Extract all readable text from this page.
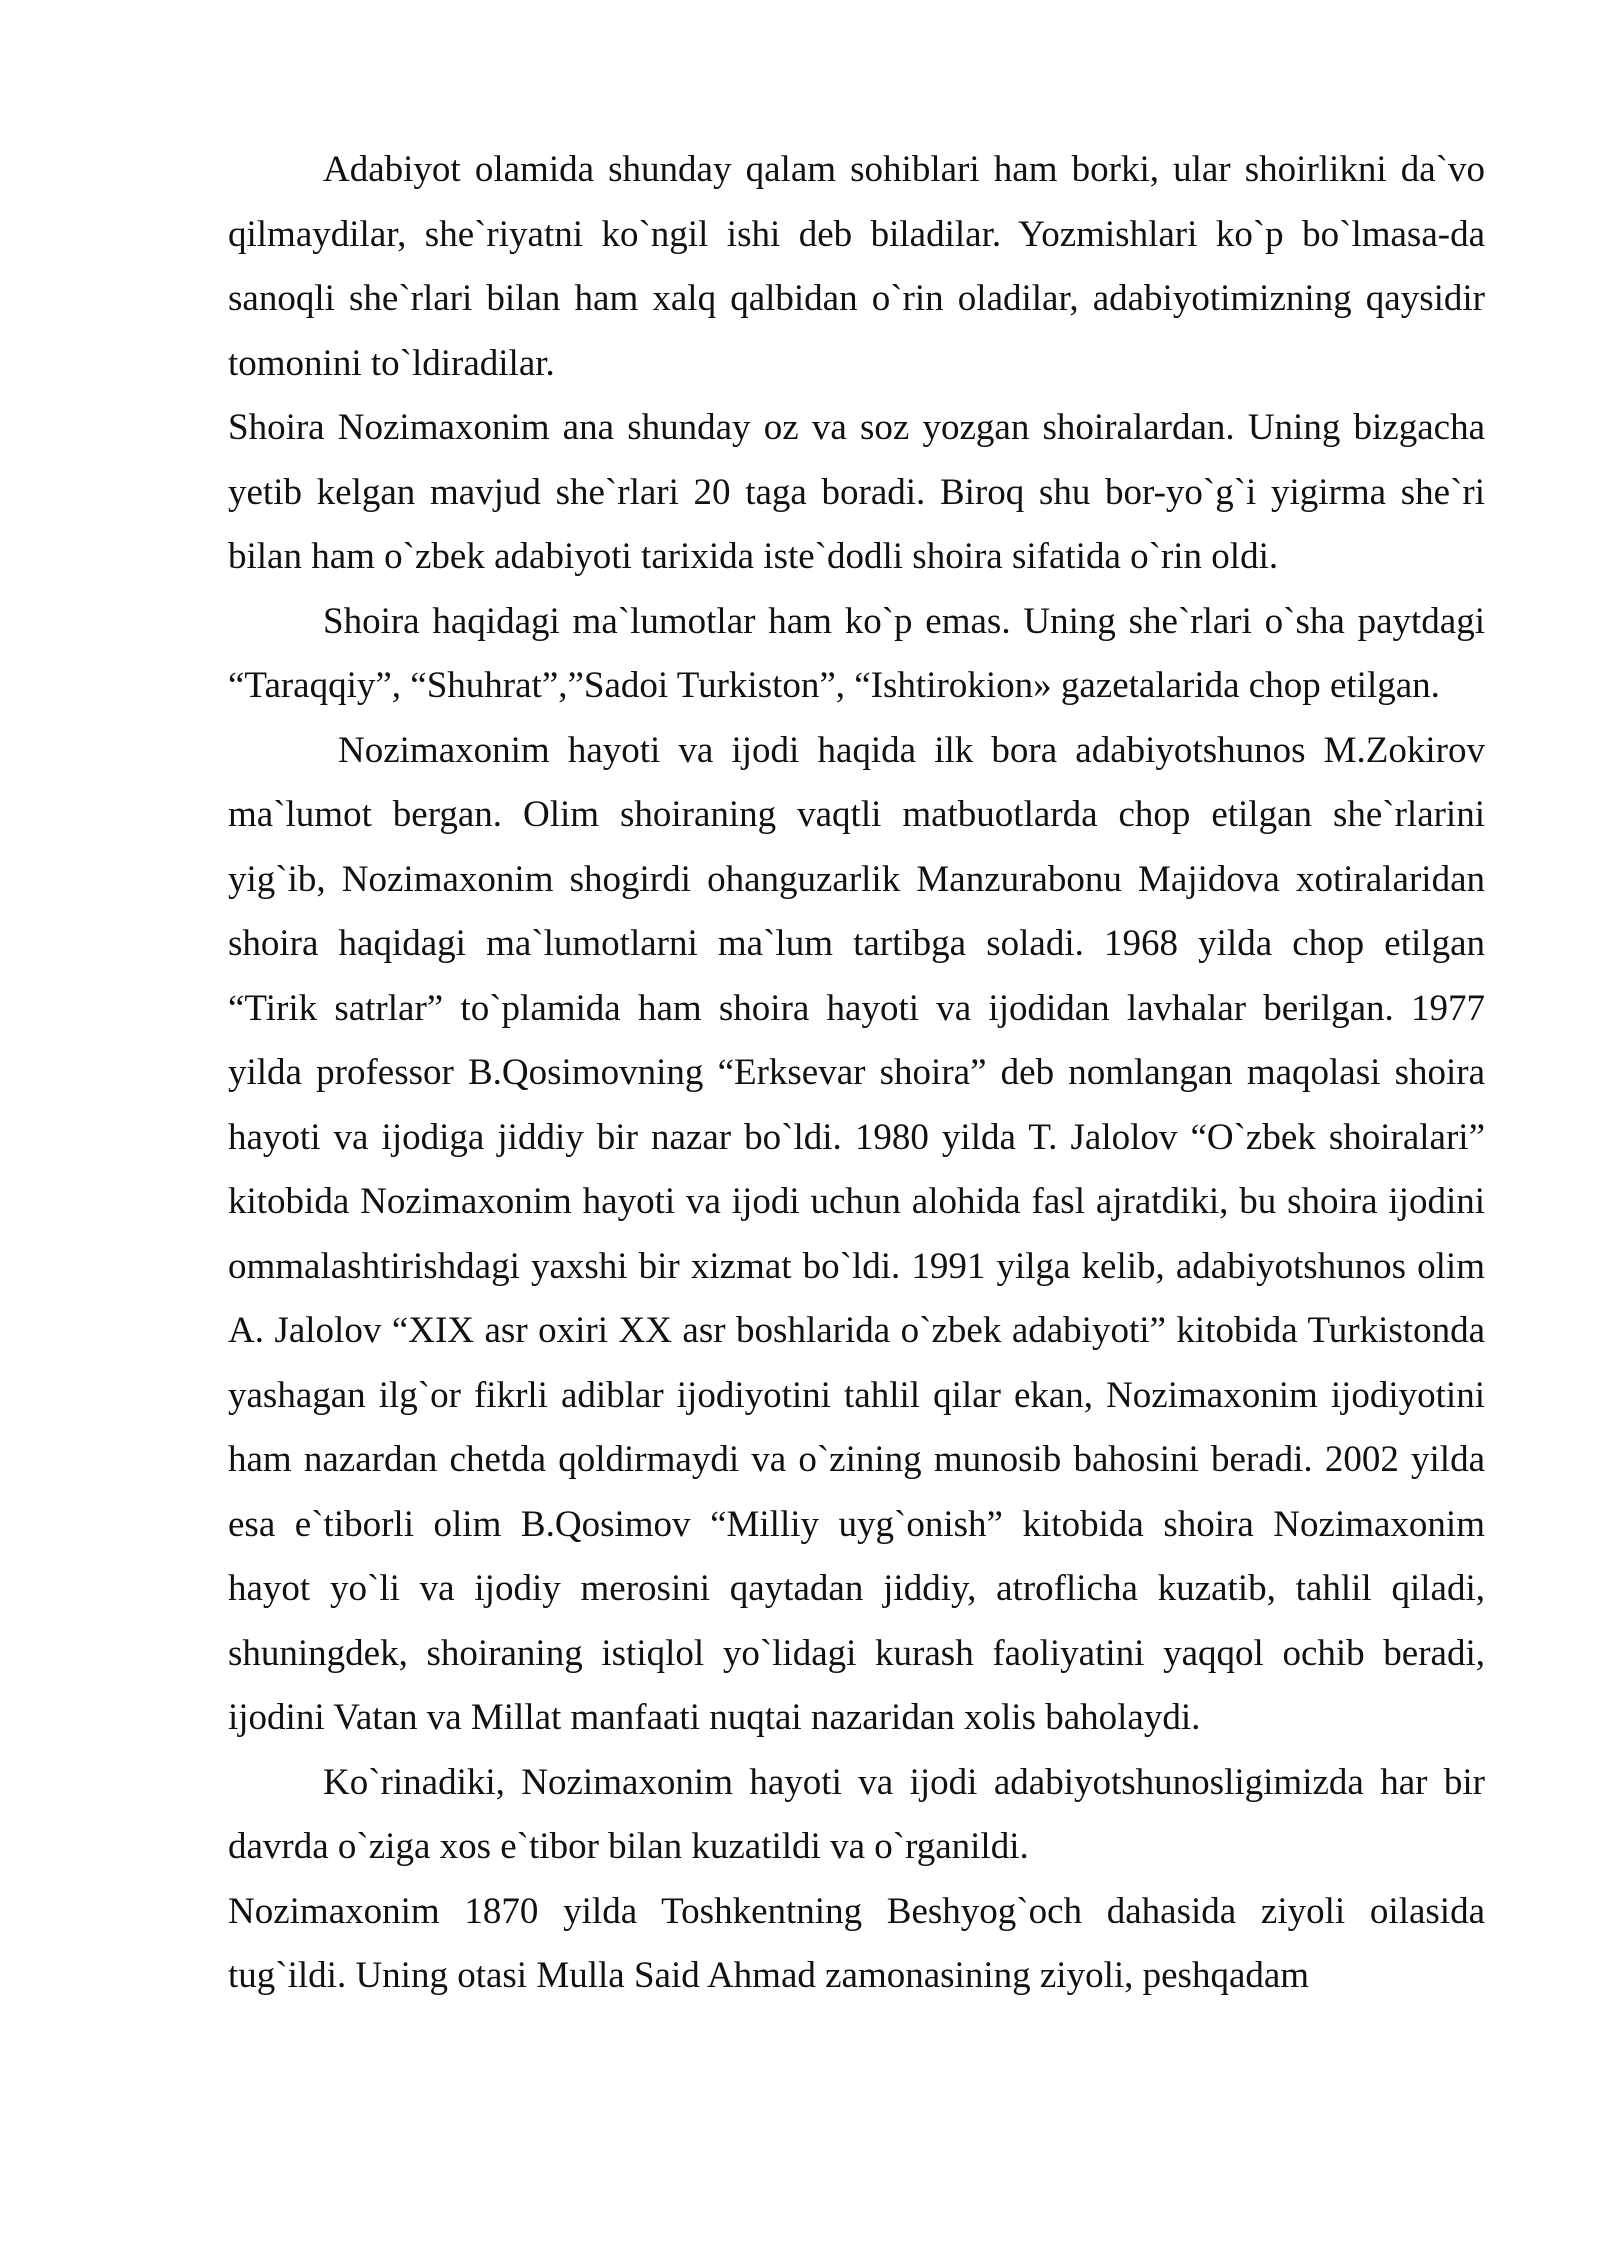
Adabiyot olamida shunday qalam sohiblari ham borki, ular shoirlikni da`vo qilmaydilar, she`riyatni ko`ngil ishi deb biladilar. Yozmishlari ko`p bo`lmasa-da sanoqli she`rlari bilan ham xalq qalbidan o`rin oladilar, adabiyotimizning qaysidir tomonini to`ldiradilar.

Shoira Nozimaxonim ana shunday oz va soz yozgan shoiralardan. Uning bizgacha yetib kelgan mavjud she`rlari 20 taga boradi. Biroq shu bor-yo`g`i yigirma she`ri bilan ham o`zbek adabiyoti tarixida iste`dodli shoira sifatida o`rin oldi.

Shoira haqidagi ma`lumotlar ham ko`p emas. Uning she`rlari o`sha paytdagi “Taraqqiy”, “Shuhrat”,”Sadoi Turkiston”, “Ishtirokion» gazetalarida chop etilgan.

Nozimaxonim hayoti va ijodi haqida ilk bora adabiyotshunos M.Zokirov ma`lumot bergan. Olim shoiraning vaqtli matbuotlarda chop etilgan she`rlarini yig`ib, Nozimaxonim shogirdi ohanguzarlik Manzurabonu Majidova xotiralaridan shoira haqidagi ma`lumotlarni ma`lum tartibga soladi. 1968 yilda chop etilgan “Tirik satrlar” to`plamida ham shoira hayoti va ijodidan lavhalar berilgan. 1977 yilda professor B.Qosimovning “Erksevar shoira” deb nomlangan maqolasi shoira hayoti va ijodiga jiddiy bir nazar bo`ldi. 1980 yilda T. Jalolov “O`zbek shoiralari” kitobida Nozimaxonim hayoti va ijodi uchun alohida fasl ajratdiki, bu shoira ijodini ommalashtirishdagi yaxshi bir xizmat bo`ldi. 1991 yilga kelib, adabiyotshunos olim A. Jalolov “XIX asr oxiri XX asr boshlarida o`zbek adabiyoti” kitobida Turkistonda yashagan ilg`or fikrli adiblar ijodiyotini tahlil qilar ekan, Nozimaxonim ijodiyotini ham nazardan chetda qoldirmaydi va o`zining munosib bahosini beradi. 2002 yilda esa e`tiborli olim B.Qosimov “Milliy uyg`onish” kitobida shoira Nozimaxonim hayot yo`li va ijodiy merosini qaytadan jiddiy, atroflicha kuzatib, tahlil qiladi, shuningdek, shoiraning istiqlol yo`lidagi kurash faoliyatini yaqqol ochib beradi, ijodini Vatan va Millat manfaati nuqtai nazaridan xolis baholaydi.

Ko`rinadiki, Nozimaxonim hayoti va ijodi adabiyotshunosligimizda har bir davrda o`ziga xos e`tibor bilan kuzatildi va o`rganildi.

Nozimaxonim 1870 yilda Toshkentning Beshyog`och dahasida ziyoli oilasida tug`ildi. Uning otasi Mulla Said Ahmad zamonasining ziyoli, peshqadam
